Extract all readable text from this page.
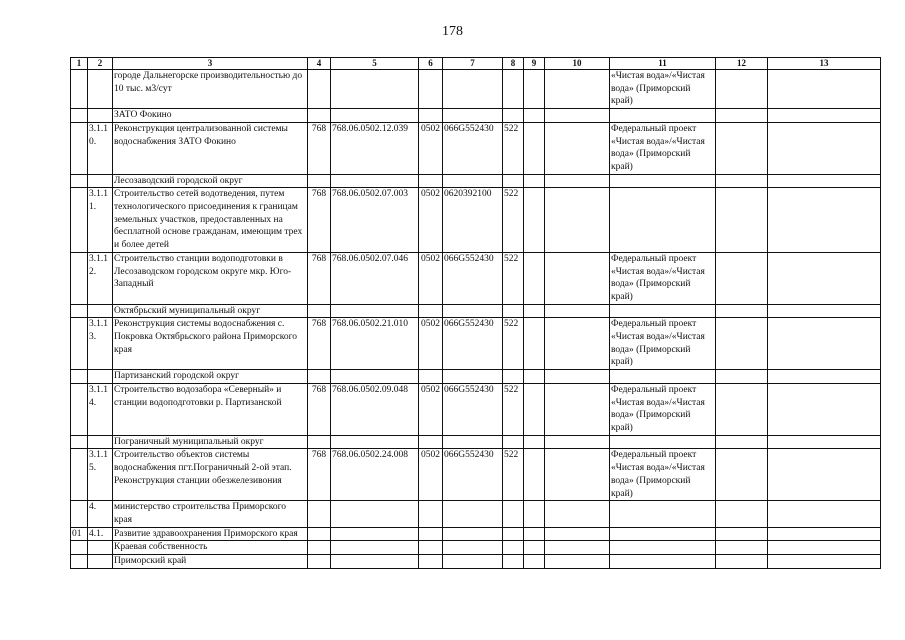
178
1	2	3	4	5	6	7	8	9	10	11	12	13
		городе Дальнегорске производительностью до 10 тыс. м3/сут								«Чистая вода»/«Чистая вода» (Приморский край)		
		ЗАТО Фокино										
	3.1.10.	Реконструкция централизованной системы водоснабжения ЗАТО Фокино	768	768.06.0502.12.039	0502	066G552430	522			Федеральный проект «Чистая вода»/«Чистая вода» (Приморский край)		
		Лесозаводский городской округ										
	3.1.11.	Строительство сетей водотведения, путем технологического присоединения к границам земельных участков, предоставленных на бесплатной основе гражданам, имеющим трех и более детей	768	768.06.0502.07.003	0502	0620392100	522					
	3.1.12.	Строительство станции водоподготовки в Лесозаводском городском округе мкр. Юго-Западный	768	768.06.0502.07.046	0502	066G552430	522			Федеральный проект «Чистая вода»/«Чистая вода» (Приморский край)		
		Октябрьский муниципальный округ										
	3.1.13.	Реконструкция системы водоснабжения с. Покровка Октябрьского района Приморского края	768	768.06.0502.21.010	0502	066G552430	522			Федеральный проект «Чистая вода»/«Чистая вода» (Приморский край)		
		Партизанский городской округ										
	3.1.14.	Строительство водозабора «Северный» и станции водоподготовки р. Партизанской	768	768.06.0502.09.048	0502	066G552430	522			Федеральный проект «Чистая вода»/«Чистая вода» (Приморский край)		
		Пограничный муниципальный округ										
	3.1.15.	Строительство объектов системы водоснабжения пгт.Пограничный 2-ой этап. Реконструкция станции обезжелезивония	768	768.06.0502.24.008	0502	066G552430	522			Федеральный проект «Чистая вода»/«Чистая вода» (Приморский край)		
	4.	министерство строительства Приморского края										
01	4.1.	Развитие здравоохранения Приморского края										
		Краевая собственность										
		Приморский край										
